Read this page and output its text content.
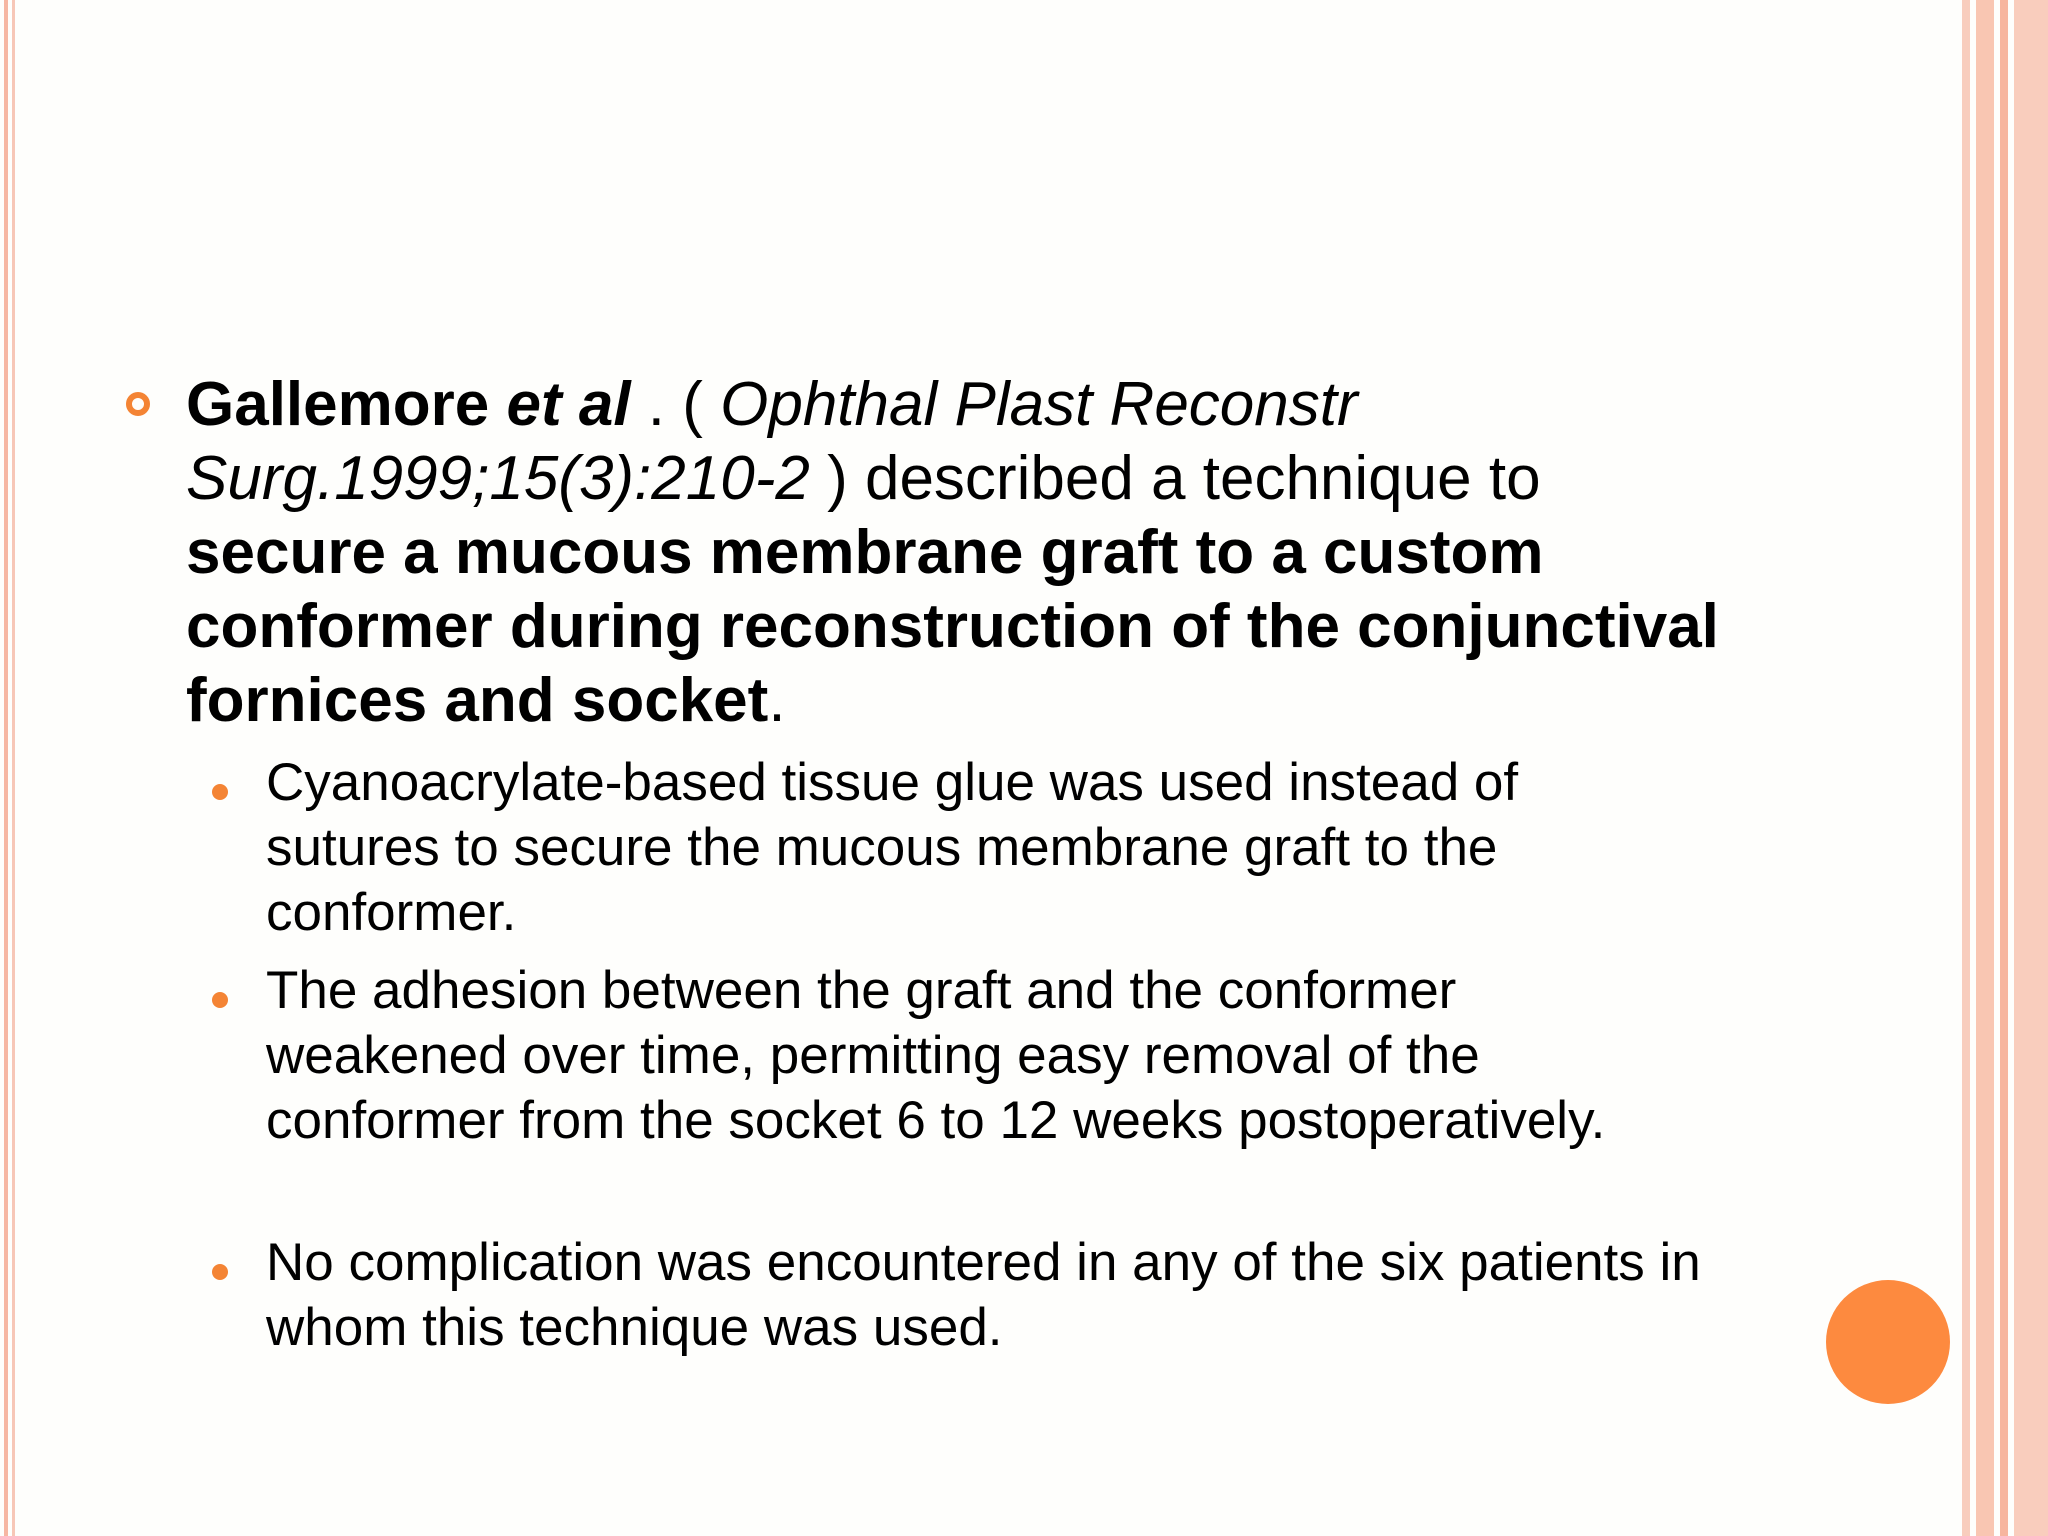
Gallemore et al . ( Ophthal Plast Reconstr Surg.1999;15(3):210-2 ) described a technique to secure a mucous membrane graft to a custom conformer during reconstruction of the conjunctival fornices and socket.
Cyanoacrylate-based tissue glue was used instead of sutures to secure the mucous membrane graft to the conformer.
The adhesion between the graft and the conformer weakened over time, permitting easy removal of the conformer from the socket 6 to 12 weeks postoperatively.
No complication was encountered in any of the six patients in whom this technique was used.
